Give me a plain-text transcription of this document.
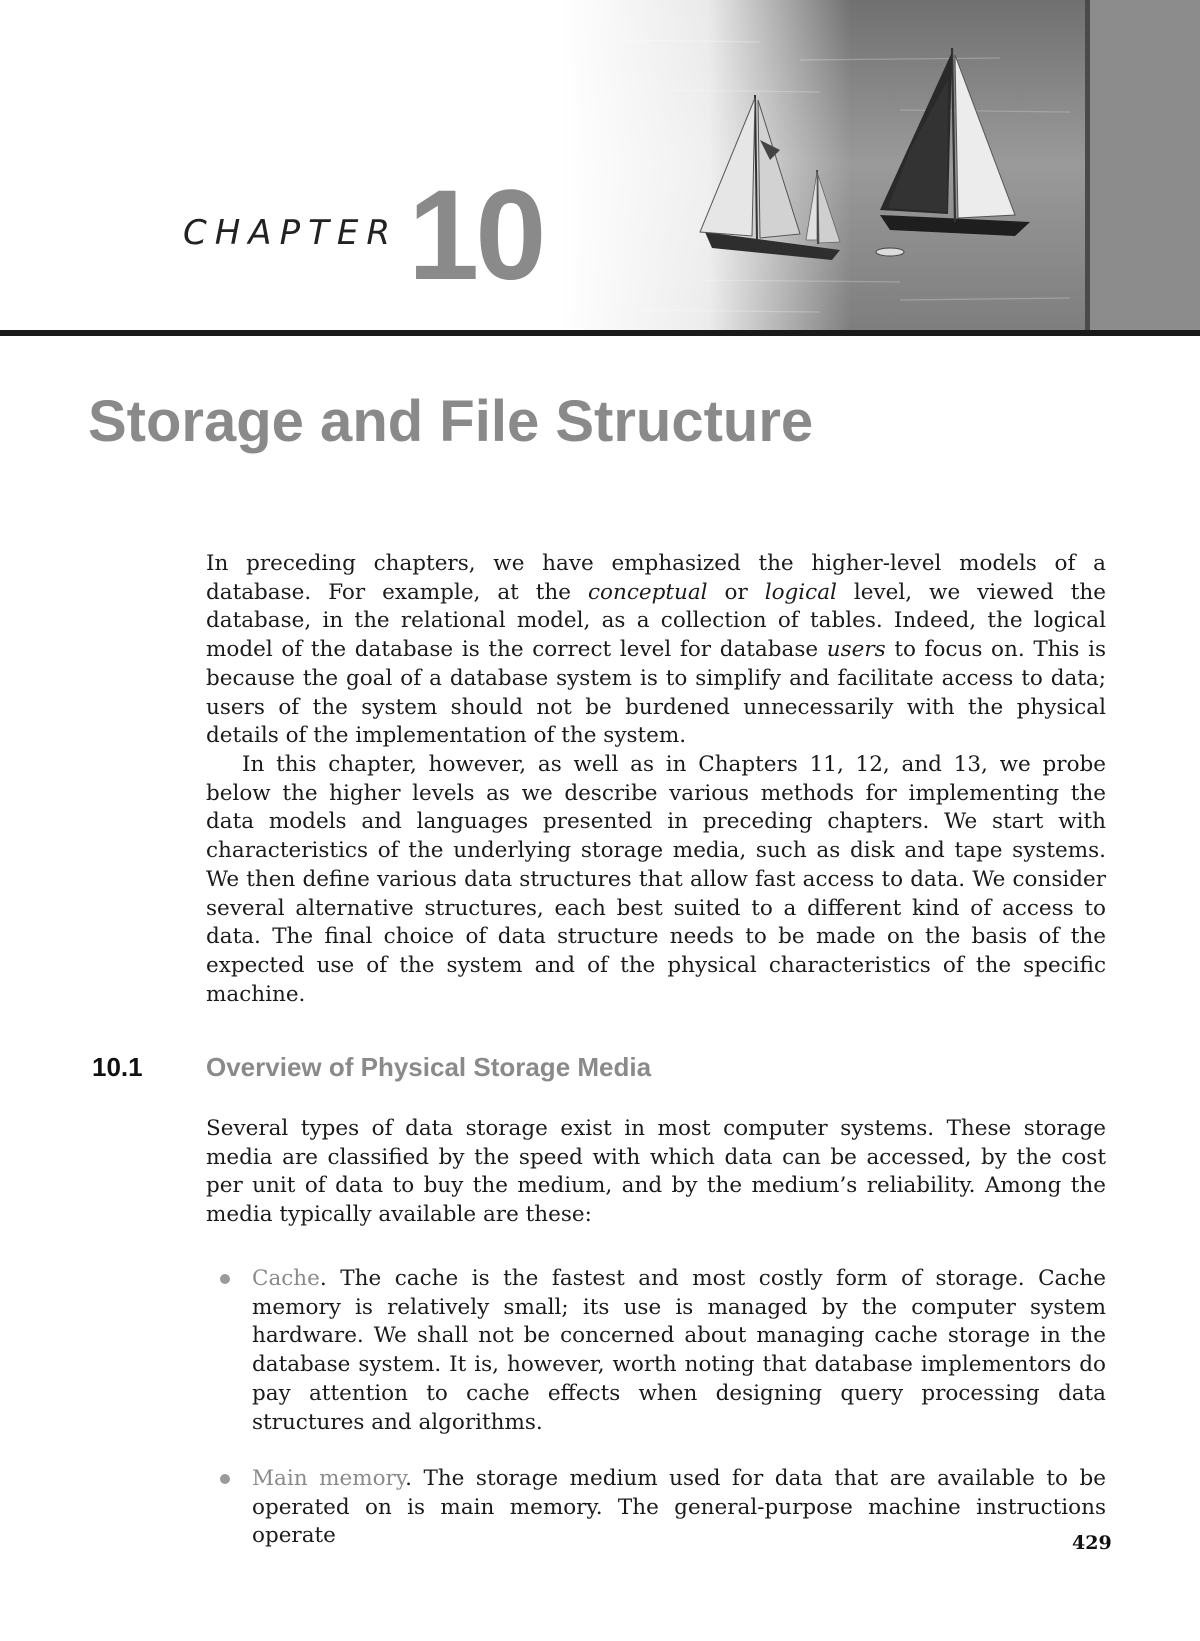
CHAPTER 10
Storage and File Structure

In preceding chapters, we have emphasized the higher-level models of a database. For example, at the conceptual or logical level, we viewed the database, in the relational model, as a collection of tables. Indeed, the logical model of the database is the correct level for database users to focus on. This is because the goal of a database system is to simplify and facilitate access to data; users of the system should not be burdened unnecessarily with the physical details of the implementation of the system.

In this chapter, however, as well as in Chapters 11, 12, and 13, we probe below the higher levels as we describe various methods for implementing the data models and languages presented in preceding chapters. We start with characteristics of the underlying storage media, such as disk and tape systems. We then define various data structures that allow fast access to data. We consider several alternative structures, each best suited to a different kind of access to data. The final choice of data structure needs to be made on the basis of the expected use of the system and of the physical characteristics of the specific machine.

10.1 Overview of Physical Storage Media

Several types of data storage exist in most computer systems. These storage media are classified by the speed with which data can be accessed, by the cost per unit of data to buy the medium, and by the medium’s reliability. Among the media typically available are these:

Cache. The cache is the fastest and most costly form of storage. Cache memory is relatively small; its use is managed by the computer system hardware. We shall not be concerned about managing cache storage in the database system. It is, however, worth noting that database implementors do pay attention to cache effects when designing query processing data structures and algorithms.
Main memory. The storage medium used for data that are available to be operated on is main memory. The general-purpose machine instructions operate	429
